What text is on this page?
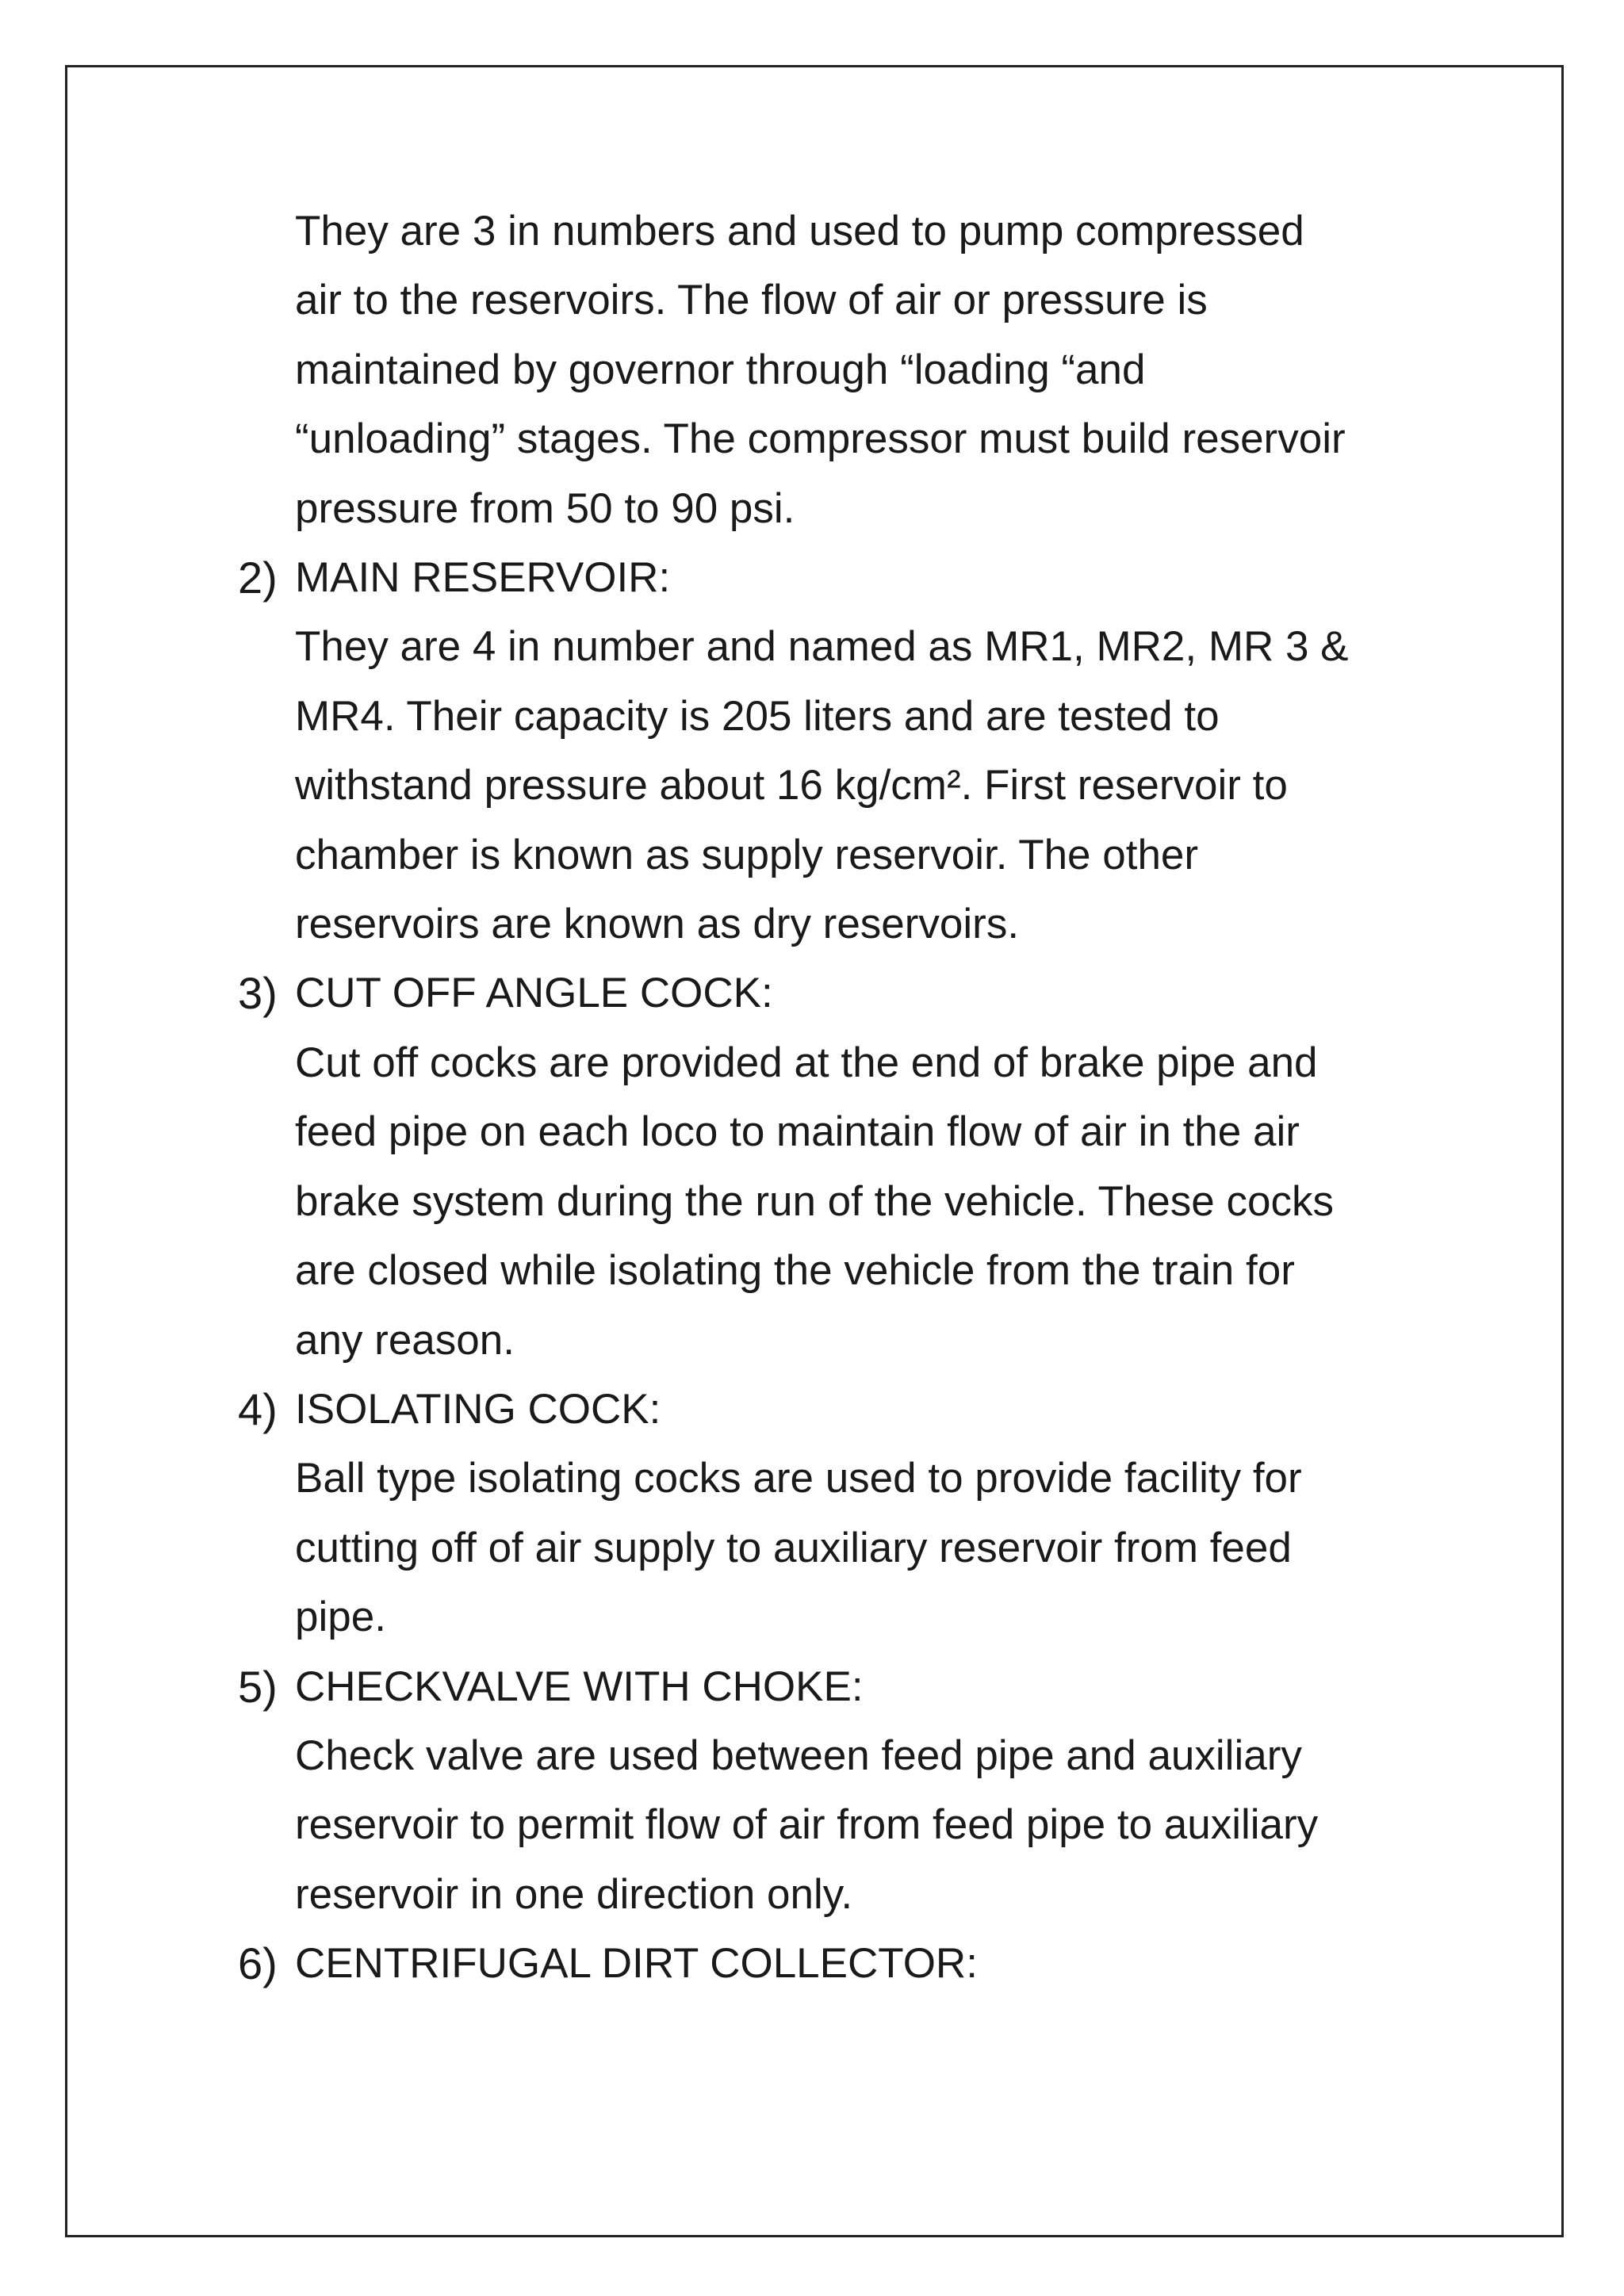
They are 3 in numbers and used to pump compressed
air to the reservoirs. The flow of air or pressure is
maintained by governor through “loading “and
“unloading” stages. The compressor must build reservoir
pressure from 50 to 90 psi.
2) MAIN RESERVOIR:
They are 4 in number and named as MR1, MR2, MR 3 &
MR4. Their capacity is 205 liters and are tested to
withstand pressure about 16 kg/cm². First reservoir to
chamber is known as supply reservoir. The other
reservoirs are known as dry reservoirs.
3) CUT OFF ANGLE COCK:
Cut off cocks are provided at the end of brake pipe and
feed pipe on each loco to maintain flow of air in the air
brake system during the run of the vehicle. These cocks
are closed while isolating the vehicle from the train for
any reason.
4) ISOLATING COCK:
Ball type isolating cocks are used to provide facility for
cutting off of air supply to auxiliary reservoir from feed
pipe.
5) CHECKVALVE WITH CHOKE:
Check valve are used between feed pipe and auxiliary
reservoir to permit flow of air from feed pipe to auxiliary
reservoir in one direction only.
6) CENTRIFUGAL DIRT COLLECTOR:
